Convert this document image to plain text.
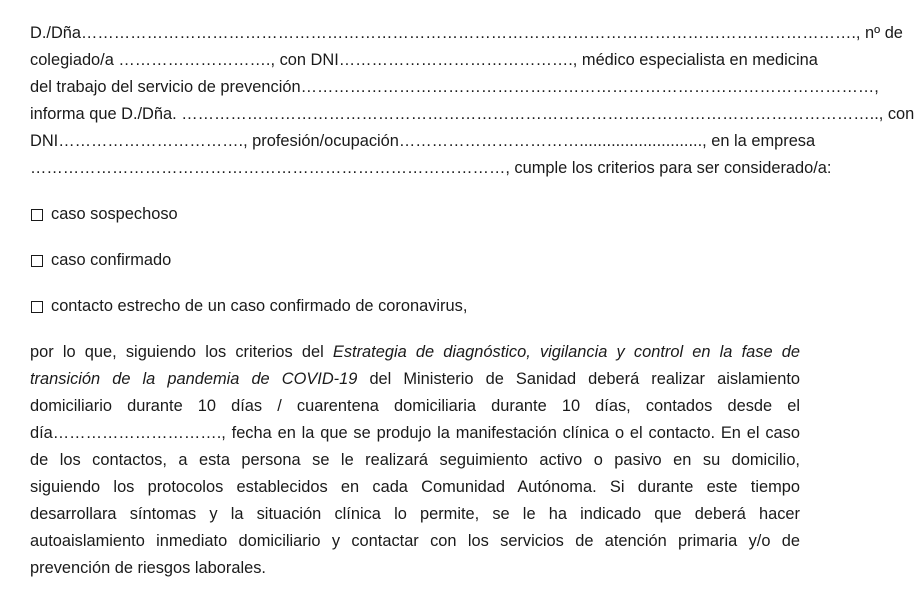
D./Dña……………………………………………………………………………………………………………………………., nº de
colegiado/a ………………………., con DNI……………………………………., médico especialista en medicina
del trabajo del servicio de prevención……………………………………………………………………………………………,
informa que D./Dña. ……………………………………………………………………………………………………………….., con
DNI……………………………., profesión/ocupación……………………………..........................., en la empresa
……………………………………………………………………………, cumple los criterios para ser considerado/a:
caso sospechoso
caso confirmado
contacto estrecho de un caso confirmado de coronavirus,
por lo que, siguiendo los criterios del Estrategia de diagnóstico, vigilancia y control en la fase de
transición de la pandemia de COVID-19 del Ministerio de Sanidad deberá realizar aislamiento
domiciliario durante 10 días / cuarentena domiciliaria durante 10 días, contados desde el
día…………………………., fecha en la que se produjo la manifestación clínica o el contacto. En el caso
de los contactos, a esta persona se le realizará seguimiento activo o pasivo en su domicilio,
siguiendo los protocolos establecidos en cada Comunidad Autónoma. Si durante este tiempo
desarrollara síntomas y la situación clínica lo permite, se le ha indicado que deberá hacer
autoaislamiento inmediato domiciliario y contactar con los servicios de atención primaria y/o de
prevención de riesgos laborales.
